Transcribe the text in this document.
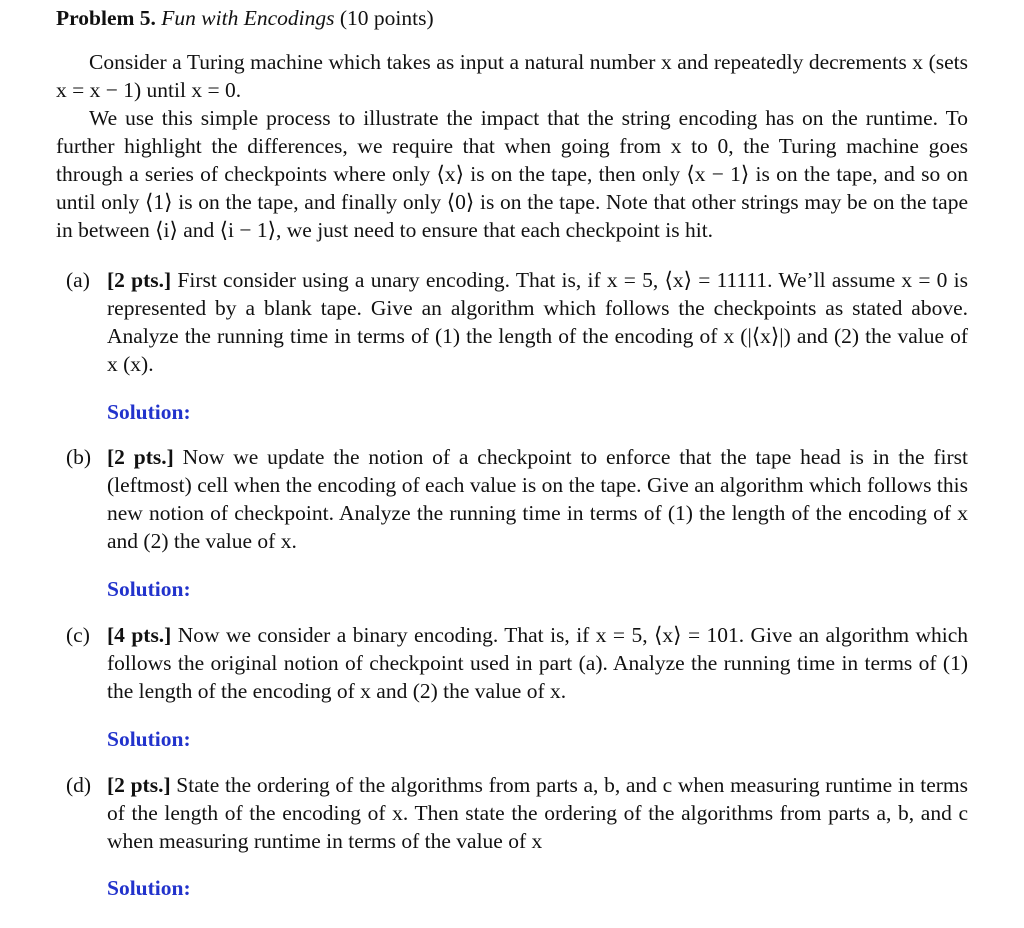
Problem 5. Fun with Encodings (10 points)

Consider a Turing machine which takes as input a natural number x and repeatedly decrements x (sets x = x − 1) until x = 0.

We use this simple process to illustrate the impact that the string encoding has on the runtime. To further highlight the differences, we require that when going from x to 0, the Turing machine goes through a series of checkpoints where only ⟨x⟩ is on the tape, then only ⟨x − 1⟩ is on the tape, and so on until only ⟨1⟩ is on the tape, and finally only ⟨0⟩ is on the tape. Note that other strings may be on the tape in between ⟨i⟩ and ⟨i − 1⟩, we just need to ensure that each checkpoint is hit.

(a) [2 pts.] First consider using a unary encoding. That is, if x = 5, ⟨x⟩ = 11111. We’ll assume x = 0 is represented by a blank tape. Give an algorithm which follows the checkpoints as stated above. Analyze the running time in terms of (1) the length of the encoding of x (|⟨x⟩|) and (2) the value of x (x).
Solution:
(b) [2 pts.] Now we update the notion of a checkpoint to enforce that the tape head is in the first (leftmost) cell when the encoding of each value is on the tape. Give an algorithm which follows this new notion of checkpoint. Analyze the running time in terms of (1) the length of the encoding of x and (2) the value of x.
Solution:
(c) [4 pts.] Now we consider a binary encoding. That is, if x = 5, ⟨x⟩ = 101. Give an algorithm which follows the original notion of checkpoint used in part (a). Analyze the running time in terms of (1) the length of the encoding of x and (2) the value of x.
Solution:
(d) [2 pts.] State the ordering of the algorithms from parts a, b, and c when measuring runtime in terms of the length of the encoding of x. Then state the ordering of the algorithms from parts a, b, and c when measuring runtime in terms of the value of x
Solution:
